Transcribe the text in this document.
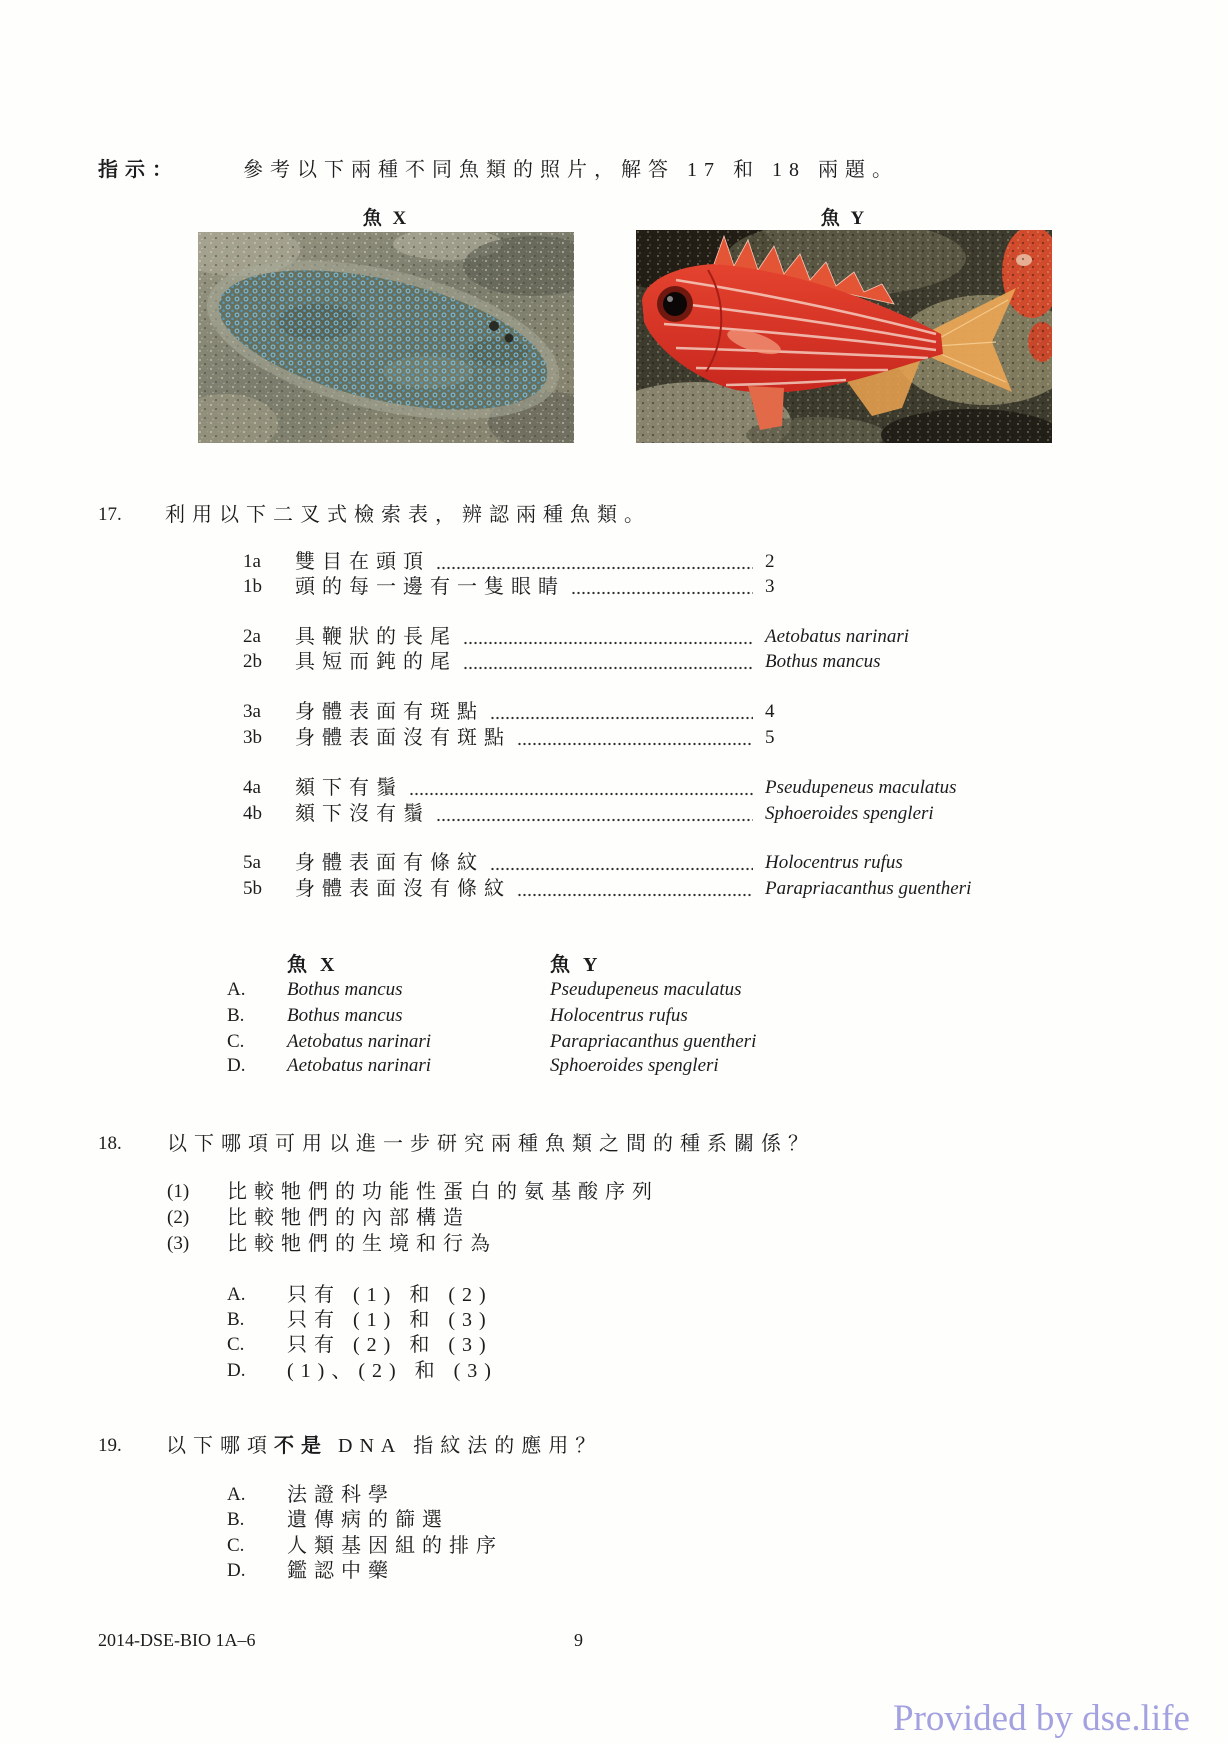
指示：	參考以下兩種不同魚類的照片，解答 17 和 18 兩題。
魚 X	魚 Y
17. 利用以下二叉式檢索表，辨認兩種魚類。
1a	雙目在頭頂	2
1b	頭的每一邊有一隻眼睛	3
2a	具鞭狀的長尾	Aetobatus narinari
2b	具短而鈍的尾	Bothus mancus
3a	身體表面有斑點	4
3b	身體表面沒有斑點	5
4a	頦下有鬚	Pseudupeneus maculatus
4b	頦下沒有鬚	Sphoeroides spengleri
5a	身體表面有條紋	Holocentrus rufus
5b	身體表面沒有條紋	Parapriacanthus guentheri
魚 X	魚 Y
A. Bothus mancus	Pseudupeneus maculatus
B. Bothus mancus	Holocentrus rufus
C. Aetobatus narinari	Parapriacanthus guentheri
D. Aetobatus narinari	Sphoeroides spengleri
18. 以下哪項可用以進一步研究兩種魚類之間的種系關係？
(1) 比較牠們的功能性蛋白的氨基酸序列
(2) 比較牠們的內部構造
(3) 比較牠們的生境和行為
A. 只有 (1) 和 (2)
B. 只有 (1) 和 (3)
C. 只有 (2) 和 (3)
D. (1)、(2) 和 (3)
19. 以下哪項不是 DNA 指紋法的應用？
A. 法證科學
B. 遺傳病的篩選
C. 人類基因組的排序
D. 鑑認中藥
2014-DSE-BIO 1A–6	9
Provided by dse.life
